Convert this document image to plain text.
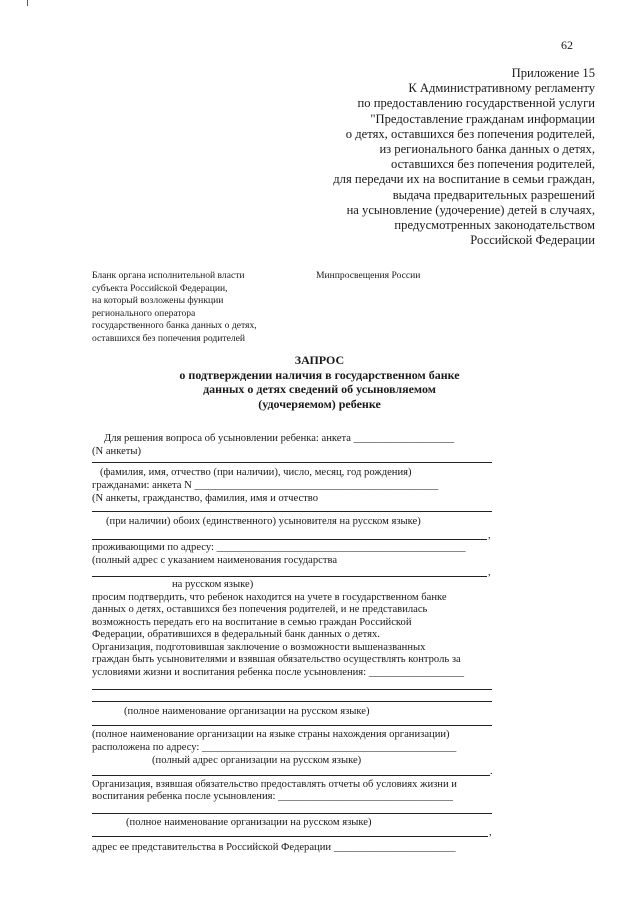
62
Приложение 15
К Административному регламенту
по предоставлению государственной услуги
"Предоставление гражданам информации
о детях, оставшихся без попечения родителей,
из регионального банка данных о детях,
оставшихся без попечения родителей,
для передачи их на воспитание в семьи граждан,
выдача предварительных разрешений
на усыновление (удочерение) детей в случаях,
предусмотренных законодательством
Российской Федерации
Бланк органа исполнительной власти
субъекта Российской Федерации,
на который возложены функции
регионального оператора
государственного банка данных о детях,
оставшихся без попечения родителей
Минпросвещения России
ЗАПРОС
о подтверждении наличия в государственном банке
данных о детях сведений об усыновляемом
(удочеряемом) ребенке
Для решения вопроса об усыновлении ребенка: анкета ___________________
(N анкеты)
(фамилия, имя, отчество (при наличии), число, месяц, год рождения)
гражданами: анкета N ______________________________________________
(N анкеты, гражданство, фамилия, имя и отчество
(при наличии) обоих (единственного) усыновителя на русском языке)
,
проживающими по адресу: _______________________________________________
(полный адрес с указанием наименования государства
,
на русском языке)
просим подтвердить, что ребенок находится на учете в государственном банке
данных о детях, оставшихся без попечения родителей, и не представилась
возможность передать его на воспитание в семью граждан Российской
Федерации, обратившихся в федеральный банк данных о детях.
Организация, подготовившая заключение о возможности вышеназванных
граждан быть усыновителями и взявшая обязательство осуществлять контроль за
условиями жизни и воспитания ребенка после усыновления: __________________
(полное наименование организации на русском языке)
(полное наименование организации на языке страны нахождения организации)
расположена по адресу: ________________________________________________
(полный адрес организации на русском языке)
.
Организация, взявшая обязательство предоставлять отчеты об условиях жизни и
воспитания ребенка после усыновления: _________________________________
(полное наименование организации на русском языке)
,
адрес ее представительства в Российской Федерации _______________________
